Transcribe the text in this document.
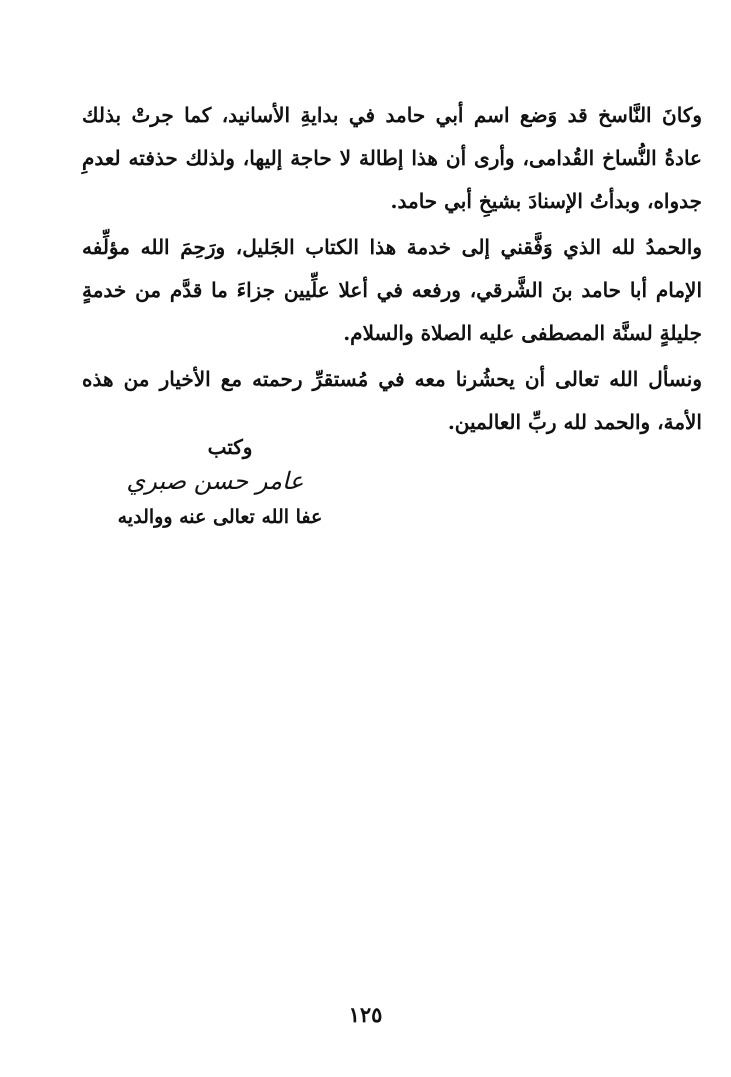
وكانَ النَّاسخ قد وَضع اسم أبي حامد في بدايةِ الأسانيد، كما جرتْ بذلك عادةُ النُّساخ القُدامى، وأرى أن هذا إطالة لا حاجة إليها، ولذلك حذفته لعدمِ جدواه، وبدأتُ الإسنادَ بشيخِ أبي حامد.

والحمدُ لله الذي وَفَّقني إلى خدمة هذا الكتاب الجَليل، ورَحِمَ الله مؤلِّفه الإمام أبا حامد بنَ الشَّرقي، ورفعه في أعلا علِّيين جزاءَ ما قدَّم من خدمةٍ جليلةٍ لسنَّة المصطفى عليه الصلاة والسلام.

ونسأل الله تعالى أن يحشُرنا معه في مُستقرِّ رحمته مع الأخيار من هذه الأمة، والحمد لله ربِّ العالمين.

وكتب
عامر حسن صبري
عفا الله تعالى عنه ووالديه
١٢٥
